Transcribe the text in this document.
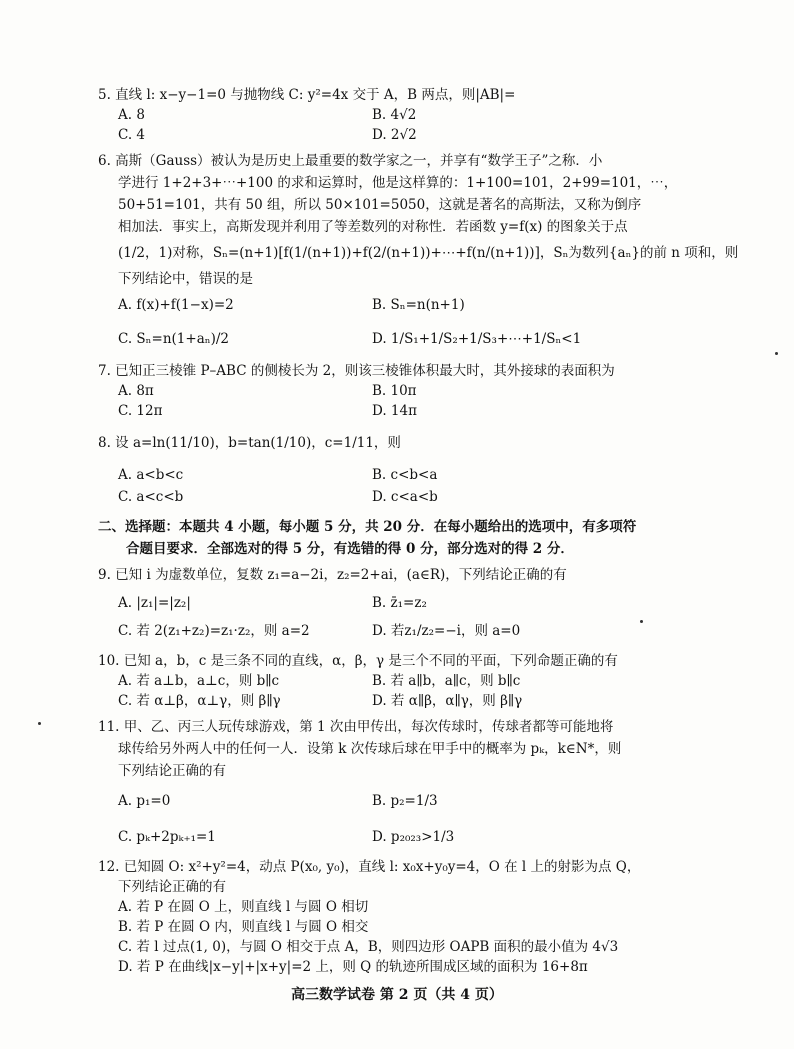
5. 直线 l: x−y−1=0 与抛物线 C: y²=4x 交于 A，B 两点，则|AB|=
A. 8	B. 4√2
C. 4	D. 2√2
6. 高斯（Gauss）被认为是历史上最重要的数学家之一，并享有“数学王子”之称．小
学进行 1+2+3+⋯+100 的求和运算时，他是这样算的：1+100=101，2+99=101，⋯，
50+51=101，共有 50 组，所以 50×101=5050，这就是著名的高斯法，又称为倒序
相加法．事实上，高斯发现并利用了等差数列的对称性．若函数 y=f(x) 的图象关于点
(1/2，1)对称，Sₙ=(n+1)[f(1/(n+1))+f(2/(n+1))+⋯+f(n/(n+1))]，Sₙ为数列{aₙ}的前 n 项和，则
下列结论中，错误的是
A. f(x)+f(1−x)=2	B. Sₙ=n(n+1)
C. Sₙ=n(1+aₙ)/2	D. 1/S₁+1/S₂+1/S₃+⋯+1/Sₙ<1
7. 已知正三棱锥 P–ABC 的侧棱长为 2，则该三棱锥体积最大时，其外接球的表面积为
A. 8π	B. 10π
C. 12π	D. 14π
8. 设 a=ln(11/10)，b=tan(1/10)，c=1/11，则
A. a<b<c	B. c<b<a
C. a<c<b	D. c<a<b
二、选择题：本题共 4 小题，每小题 5 分，共 20 分．在每小题给出的选项中，有多项符
合题目要求．全部选对的得 5 分，有选错的得 0 分，部分选对的得 2 分．
9. 已知 i 为虚数单位，复数 z₁=a−2i，z₂=2+ai，(a∈R)，下列结论正确的有
A. |z₁|=|z₂|	B. z̄₁=z₂
C. 若 2(z₁+z₂)=z₁·z₂，则 a=2	D. 若z₁/z₂=−i，则 a=0
10. 已知 a，b，c 是三条不同的直线，α，β，γ 是三个不同的平面，下列命题正确的有
A. 若 a⊥b，a⊥c，则 b∥c	B. 若 a∥b，a∥c，则 b∥c
C. 若 α⊥β，α⊥γ，则 β∥γ	D. 若 α∥β，α∥γ，则 β∥γ
11. 甲、乙、丙三人玩传球游戏，第 1 次由甲传出，每次传球时，传球者都等可能地将
球传给另外两人中的任何一人．设第 k 次传球后球在甲手中的概率为 pₖ，k∈N*，则
下列结论正确的有
A. p₁=0	B. p₂=1/3
C. pₖ+2pₖ₊₁=1	D. p₂₀₂₃>1/3
12. 已知圆 O: x²+y²=4，动点 P(x₀, y₀)，直线 l: x₀x+y₀y=4，O 在 l 上的射影为点 Q，
下列结论正确的有
A. 若 P 在圆 O 上，则直线 l 与圆 O 相切
B. 若 P 在圆 O 内，则直线 l 与圆 O 相交
C. 若 l 过点(1, 0)，与圆 O 相交于点 A，B，则四边形 OAPB 面积的最小值为 4√3
D. 若 P 在曲线|x−y|+|x+y|=2 上，则 Q 的轨迹所围成区域的面积为 16+8π
高三数学试卷 第 2 页（共 4 页）
